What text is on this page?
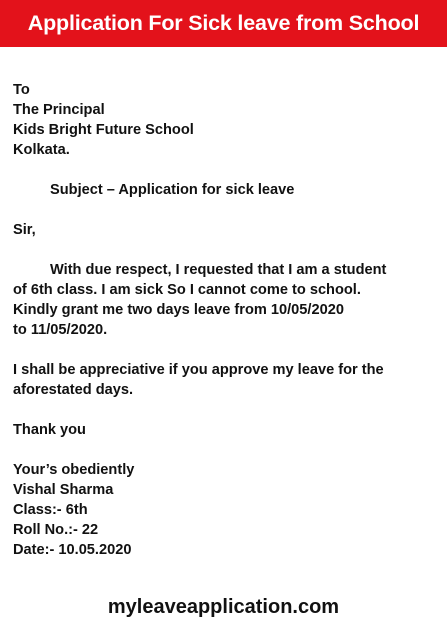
Application For Sick leave from School
To
The Principal
Kids Bright Future School
Kolkata.
Subject – Application for sick leave
Sir,
With due respect, I requested that I am a student
of 6th class. I am sick So I cannot come to school.
Kindly grant me two days leave from 10/05/2020
to 11/05/2020.
I shall be appreciative if you approve my leave for the
aforestated days.
Thank you
Your’s obediently
Vishal Sharma
Class:- 6th
Roll No.:- 22
Date:- 10.05.2020
myleaveapplication.com
